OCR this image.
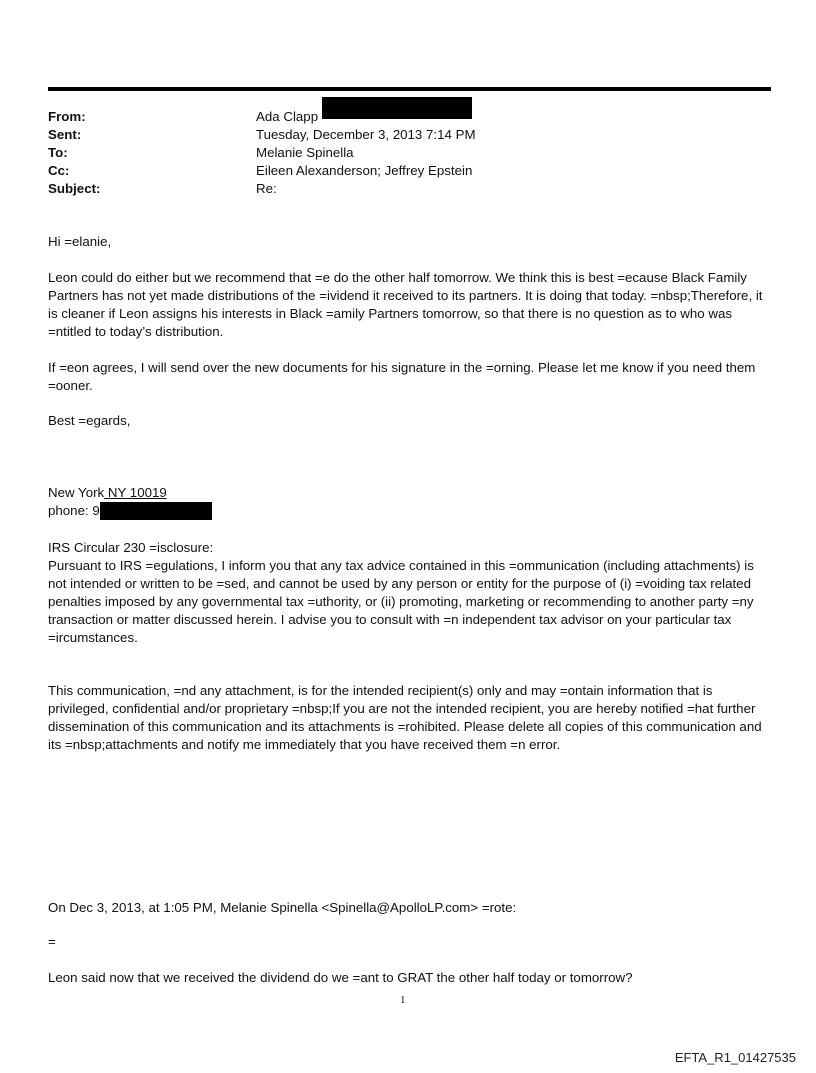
From:	Ada Clapp
Sent:	Tuesday, December 3, 2013 7:14 PM
To:	Melanie Spinella
Cc:	Eileen Alexanderson; Jeffrey Epstein
Subject:	Re:

Hi =elanie,

Leon could do either but we recommend that =e do the other half tomorrow. We think this is best =ecause Black Family Partners has not yet made distributions of the =ividend it received to its partners. It is doing that today. =nbsp;Therefore, it is cleaner if Leon assigns his interests in Black =amily Partners tomorrow, so that there is no question as to who was =ntitled to today’s distribution.

If =eon agrees, I will send over the new documents for his signature in the =orning. Please let me know if you need them =ooner.

Best =egards,

New York NY 10019

phone: 9

IRS Circular 230 =isclosure:

Pursuant to IRS =egulations, I inform you that any tax advice contained in this =ommunication (including attachments) is not intended or written to be =sed, and cannot be used by any person or entity for the purpose of (i) =voiding tax related penalties imposed by any governmental tax =uthority, or (ii) promoting, marketing or recommending to another party =ny transaction or matter discussed herein. I advise you to consult with =n independent tax advisor on your particular tax =ircumstances.

This communication, =nd any attachment, is for the intended recipient(s) only and may =ontain information that is privileged, confidential and/or proprietary =nbsp;If you are not the intended recipient, you are hereby notified =hat further dissemination of this communication and its attachments is =rohibited. Please delete all copies of this communication and its =nbsp;attachments and notify me immediately that you have received them =n error.

On Dec 3, 2013, at 1:05 PM, Melanie Spinella <Spinella@ApolloLP.com> =rote:

=

Leon said now that we received the dividend do we =ant to GRAT the other half today or tomorrow?

1
EFTA_R1_01427535
